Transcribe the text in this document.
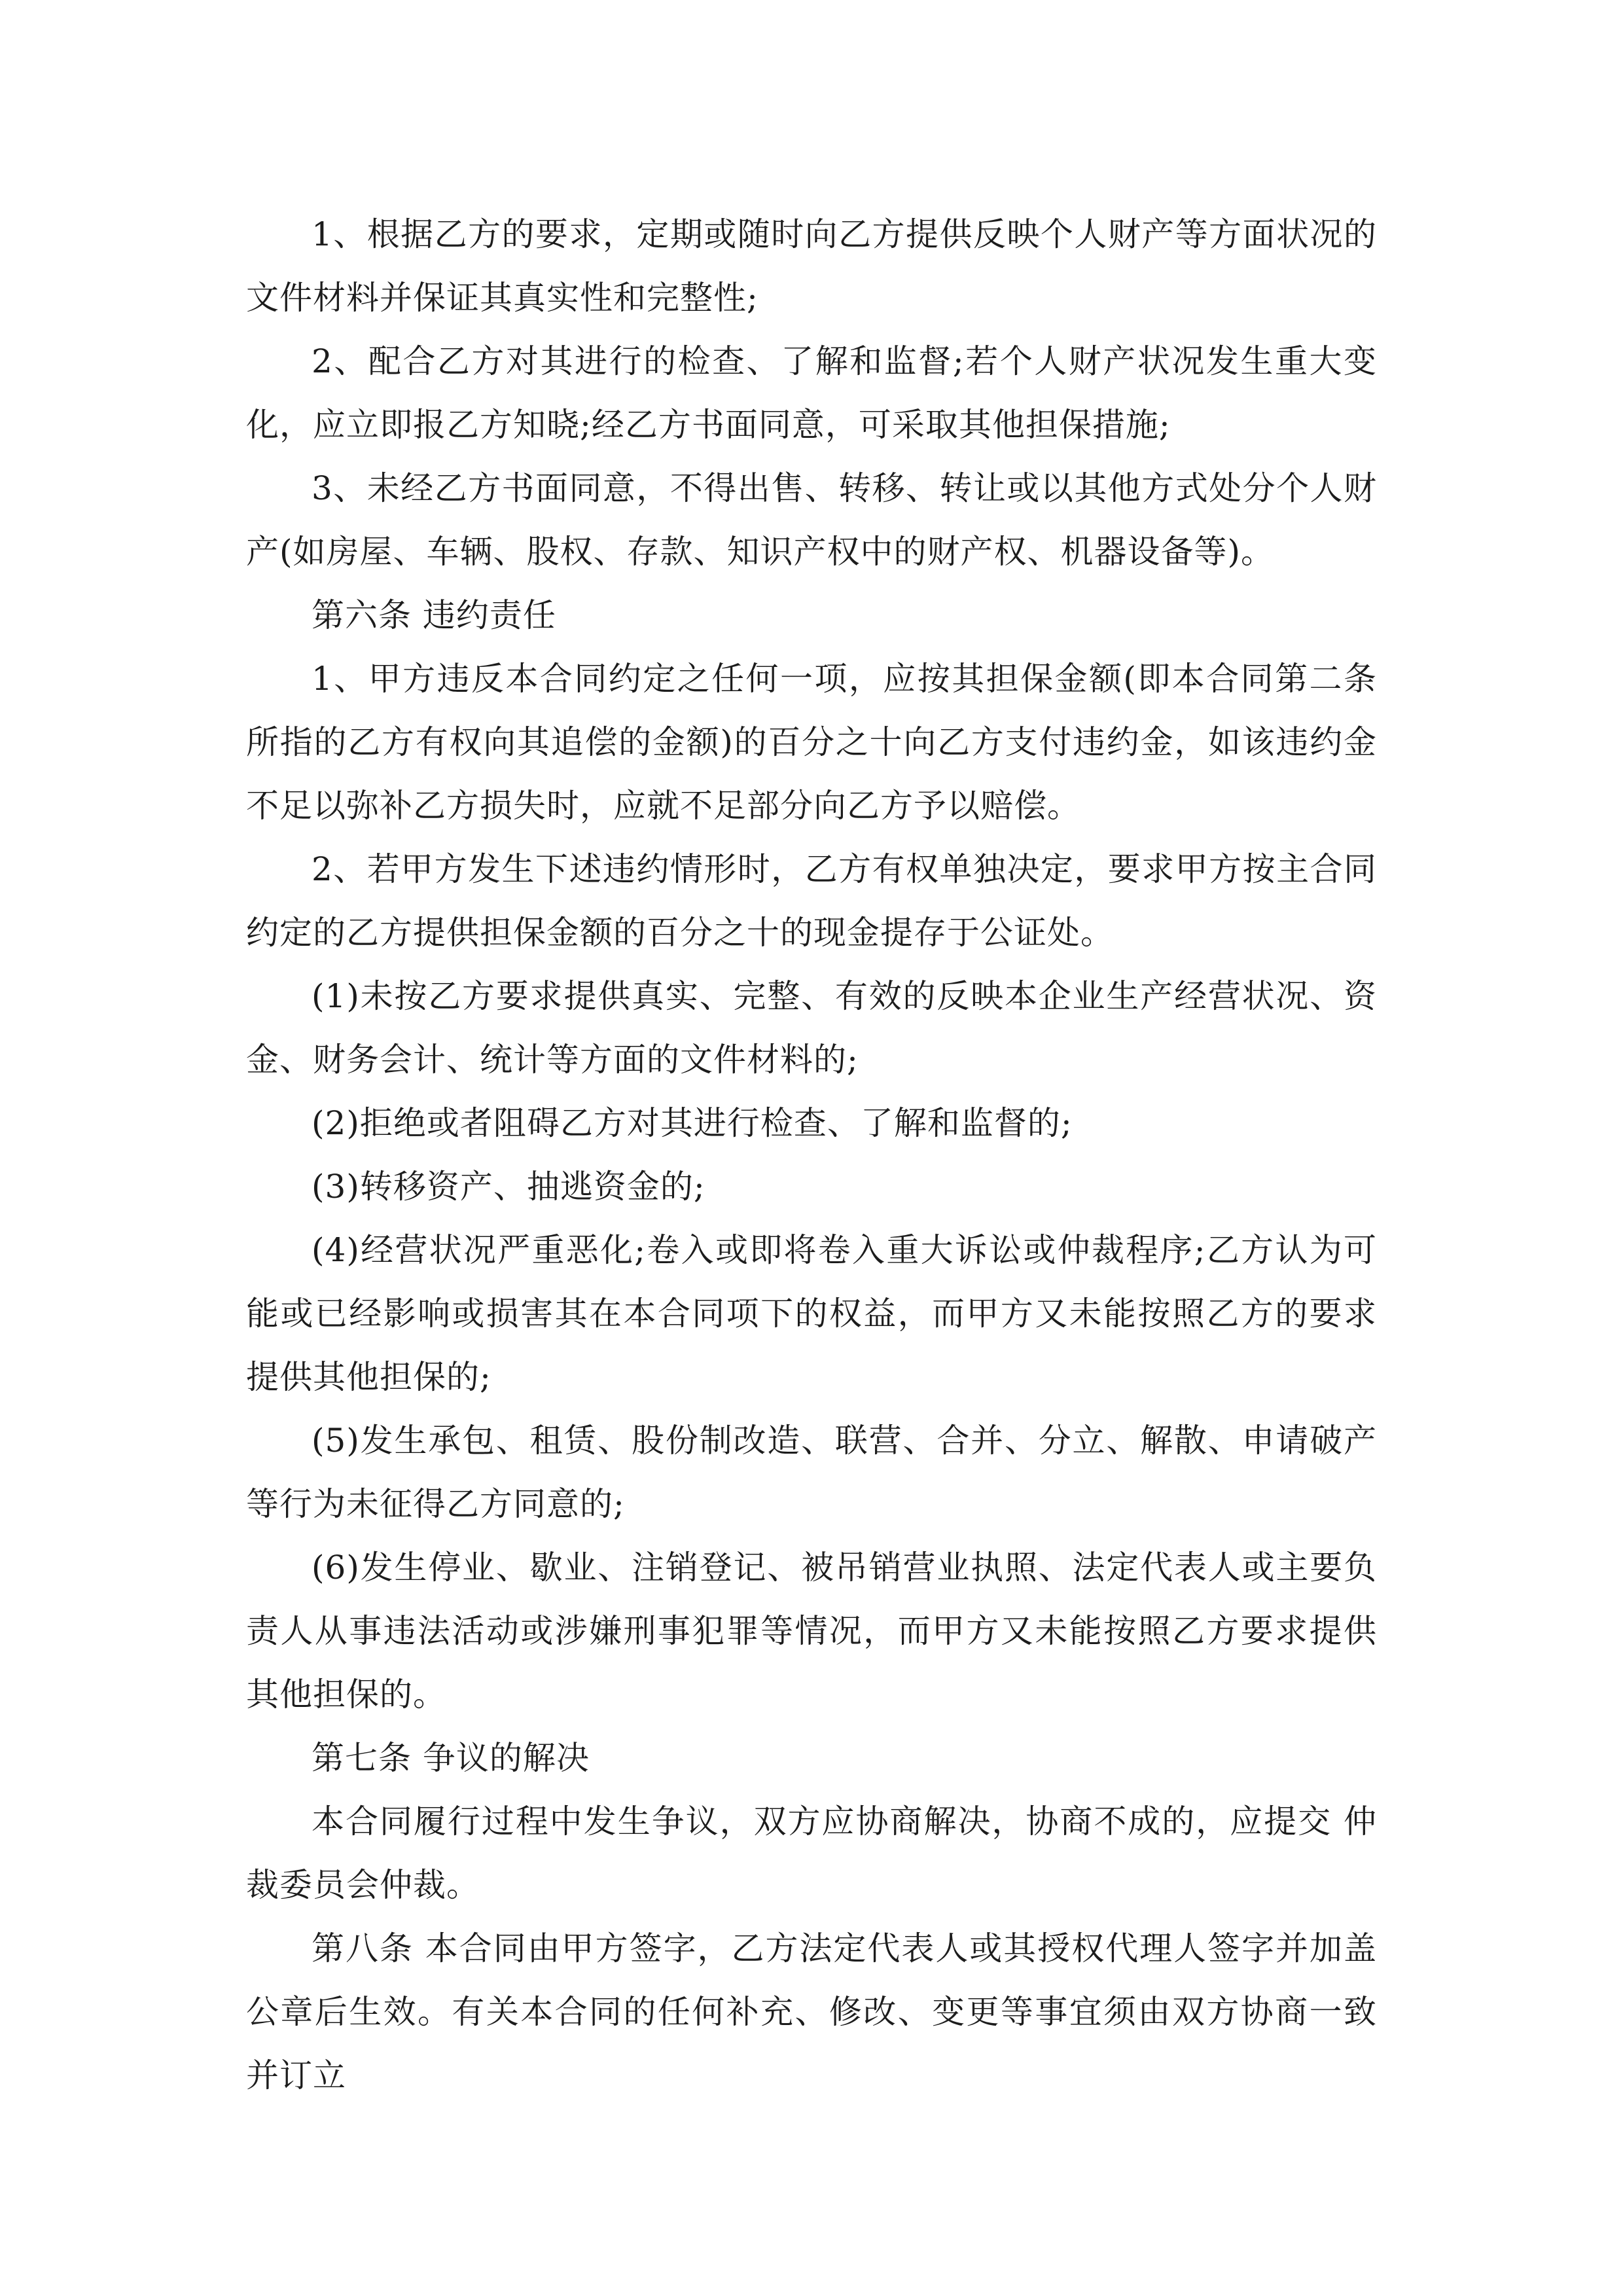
1、根据乙方的要求，定期或随时向乙方提供反映个人财产等方面状况的文件材料并保证其真实性和完整性;

2、配合乙方对其进行的检查、了解和监督;若个人财产状况发生重大变化，应立即报乙方知晓;经乙方书面同意，可采取其他担保措施;

3、未经乙方书面同意，不得出售、转移、转让或以其他方式处分个人财产(如房屋、车辆、股权、存款、知识产权中的财产权、机器设备等)。

第六条 违约责任

1、甲方违反本合同约定之任何一项，应按其担保金额(即本合同第二条所指的乙方有权向其追偿的金额)的百分之十向乙方支付违约金，如该违约金不足以弥补乙方损失时，应就不足部分向乙方予以赔偿。

2、若甲方发生下述违约情形时，乙方有权单独决定，要求甲方按主合同约定的乙方提供担保金额的百分之十的现金提存于公证处。

(1)未按乙方要求提供真实、完整、有效的反映本企业生产经营状况、资金、财务会计、统计等方面的文件材料的;

(2)拒绝或者阻碍乙方对其进行检查、了解和监督的;

(3)转移资产、抽逃资金的;

(4)经营状况严重恶化;卷入或即将卷入重大诉讼或仲裁程序;乙方认为可能或已经影响或损害其在本合同项下的权益，而甲方又未能按照乙方的要求提供其他担保的;

(5)发生承包、租赁、股份制改造、联营、合并、分立、解散、申请破产等行为未征得乙方同意的;

(6)发生停业、歇业、注销登记、被吊销营业执照、法定代表人或主要负责人从事违法活动或涉嫌刑事犯罪等情况，而甲方又未能按照乙方要求提供其他担保的。

第七条 争议的解决

本合同履行过程中发生争议，双方应协商解决，协商不成的，应提交 仲裁委员会仲裁。

第八条 本合同由甲方签字，乙方法定代表人或其授权代理人签字并加盖公章后生效。有关本合同的任何补充、修改、变更等事宜须由双方协商一致并订立
